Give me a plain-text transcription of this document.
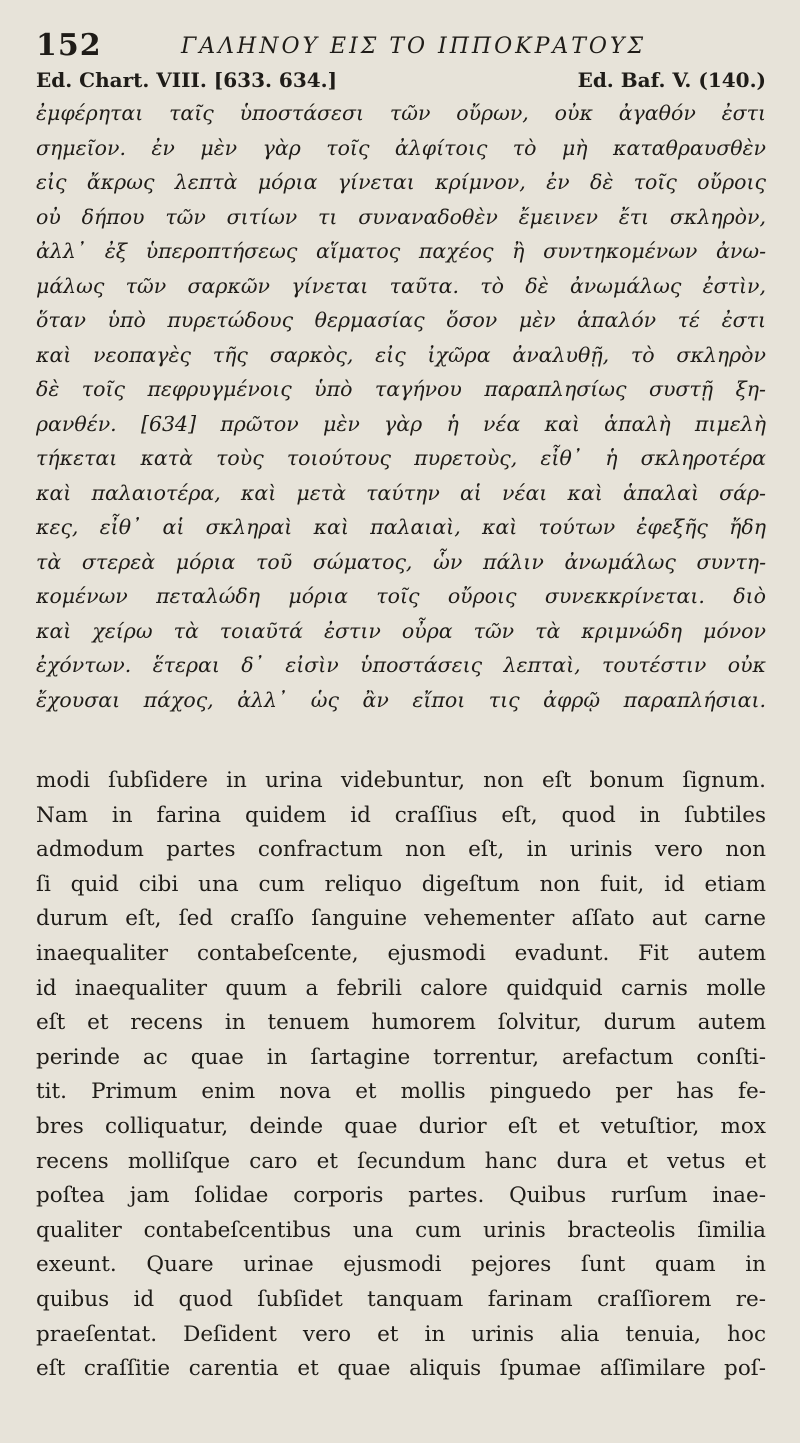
152	ΓΑΛΗΝΟΥ ΕΙΣ ΤΟ ΙΠΠΟΚΡΑΤΟΥΣ
Ed. Chart. VIII. [633. 634.]	Ed. Baf. V. (140.)
ἐμφέρηται ταῖς ὑποστάσεσι τῶν οὔρων, οὐκ ἀγαθόν ἐστι
σημεῖον. ἐν μὲν γὰρ τοῖς ἀλφίτοις τὸ μὴ καταθραυσθὲν
εἰς ἄκρως λεπτὰ μόρια γίνεται κρίμνον, ἐν δὲ τοῖς οὔροις
οὐ δήπου τῶν σιτίων τι συναναδοθὲν ἔμεινεν ἔτι σκληρὸν,
ἀλλ᾽ ἐξ ὑπεροπτήσεως αἵματος παχέος ἢ συντηκομένων ἀνω-
μάλως τῶν σαρκῶν γίνεται ταῦτα. τὸ δὲ ἀνωμάλως ἐστὶν,
ὅταν ὑπὸ πυρετώδους θερμασίας ὅσον μὲν ἁπαλόν τέ ἐστι
καὶ νεοπαγὲς τῆς σαρκὸς, εἰς ἰχῶρα ἀναλυθῇ, τὸ σκληρὸν
δὲ τοῖς πεφρυγμένοις ὑπὸ ταγήνου παραπλησίως συστῇ ξη-
ρανθέν. [634] πρῶτον μὲν γὰρ ἡ νέα καὶ ἁπαλὴ πιμελὴ
τήκεται κατὰ τοὺς τοιούτους πυρετοὺς, εἶθ᾽ ἡ σκληροτέρα
καὶ παλαιοτέρα, καὶ μετὰ ταύτην αἱ νέαι καὶ ἁπαλαὶ σάρ-
κες, εἶθ᾽ αἱ σκληραὶ καὶ παλαιαὶ, καὶ τούτων ἐφεξῆς ἤδη
τὰ στερεὰ μόρια τοῦ σώματος, ὧν πάλιν ἀνωμάλως συντη-
κομένων πεταλώδη μόρια τοῖς οὔροις συνεκκρίνεται. διὸ
καὶ χείρω τὰ τοιαῦτά ἐστιν οὖρα τῶν τὰ κριμνώδη μόνον
ἐχόντων. ἕτεραι δ᾽ εἰσὶν ὑποστάσεις λεπταὶ, τουτέστιν οὐκ
ἔχουσαι πάχος, ἀλλ᾽ ὡς ἂν εἴποι τις ἀφρῷ παραπλήσιαι.
modi ſubſidere in urina videbuntur, non eſt bonum ſignum.
Nam in farina quidem id craſſius eſt, quod in ſubtiles
admodum partes confractum non eſt, in urinis vero non
ſi quid cibi una cum reliquo digeſtum non fuit, id etiam
durum eſt, ſed craſſo ſanguine vehementer aſſato aut carne
inaequaliter contabeſcente, ejusmodi evadunt. Fit autem
id inaequaliter quum a febrili calore quidquid carnis molle
eſt et recens in tenuem humorem ſolvitur, durum autem
perinde ac quae in ſartagine torrentur, arefactum conſti-
tit. Primum enim nova et mollis pinguedo per has fe-
bres colliquatur, deinde quae durior eſt et vetuſtior, mox
recens molliſque caro et ſecundum hanc dura et vetus et
poſtea jam ſolidae corporis partes. Quibus rurſum inae-
qualiter contabeſcentibus una cum urinis bracteolis ſimilia
exeunt. Quare urinae ejusmodi pejores ſunt quam in
quibus id quod ſubſidet tanquam farinam craſſiorem re-
praeſentat. Deſident vero et in urinis alia tenuia, hoc
eſt craſſitie carentia et quae aliquis ſpumae aſſimilare poſ-
